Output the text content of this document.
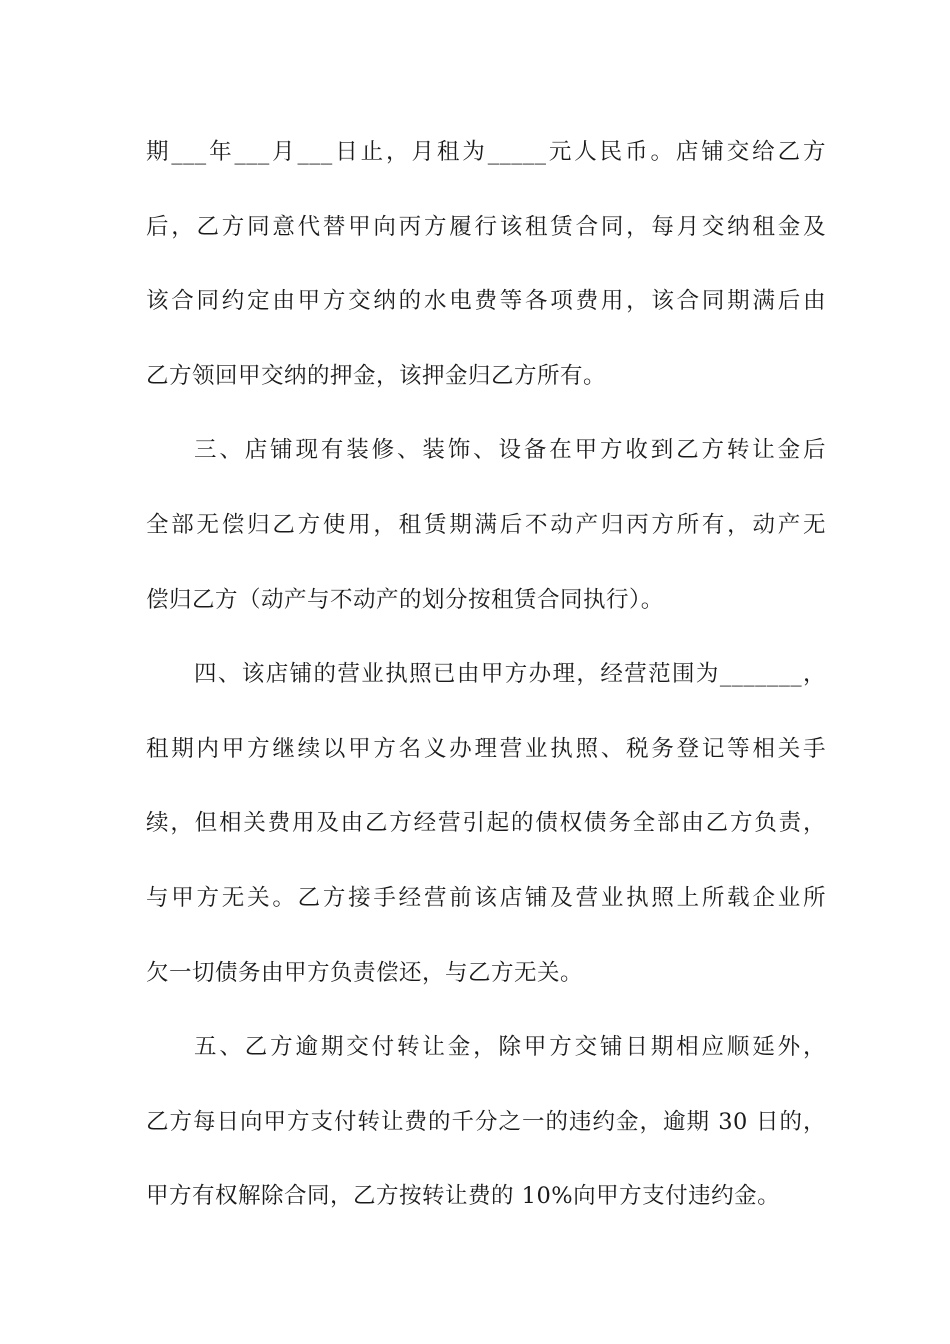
期___年___月___日止，月租为_____元人民币。店铺交给乙方
后，乙方同意代替甲向丙方履行该租赁合同，每月交纳租金及
该合同约定由甲方交纳的水电费等各项费用，该合同期满后由
乙方领回甲交纳的押金，该押金归乙方所有。
三、店铺现有装修、装饰、设备在甲方收到乙方转让金后
全部无偿归乙方使用，租赁期满后不动产归丙方所有，动产无
偿归乙方（动产与不动产的划分按租赁合同执行）。
四、该店铺的营业执照已由甲方办理，经营范围为_______，
租期内甲方继续以甲方名义办理营业执照、税务登记等相关手
续，但相关费用及由乙方经营引起的债权债务全部由乙方负责，
与甲方无关。乙方接手经营前该店铺及营业执照上所载企业所
欠一切债务由甲方负责偿还，与乙方无关。
五、乙方逾期交付转让金，除甲方交铺日期相应顺延外，
乙方每日向甲方支付转让费的千分之一的违约金，逾期 30 日的，
甲方有权解除合同，乙方按转让费的 10%向甲方支付违约金。
